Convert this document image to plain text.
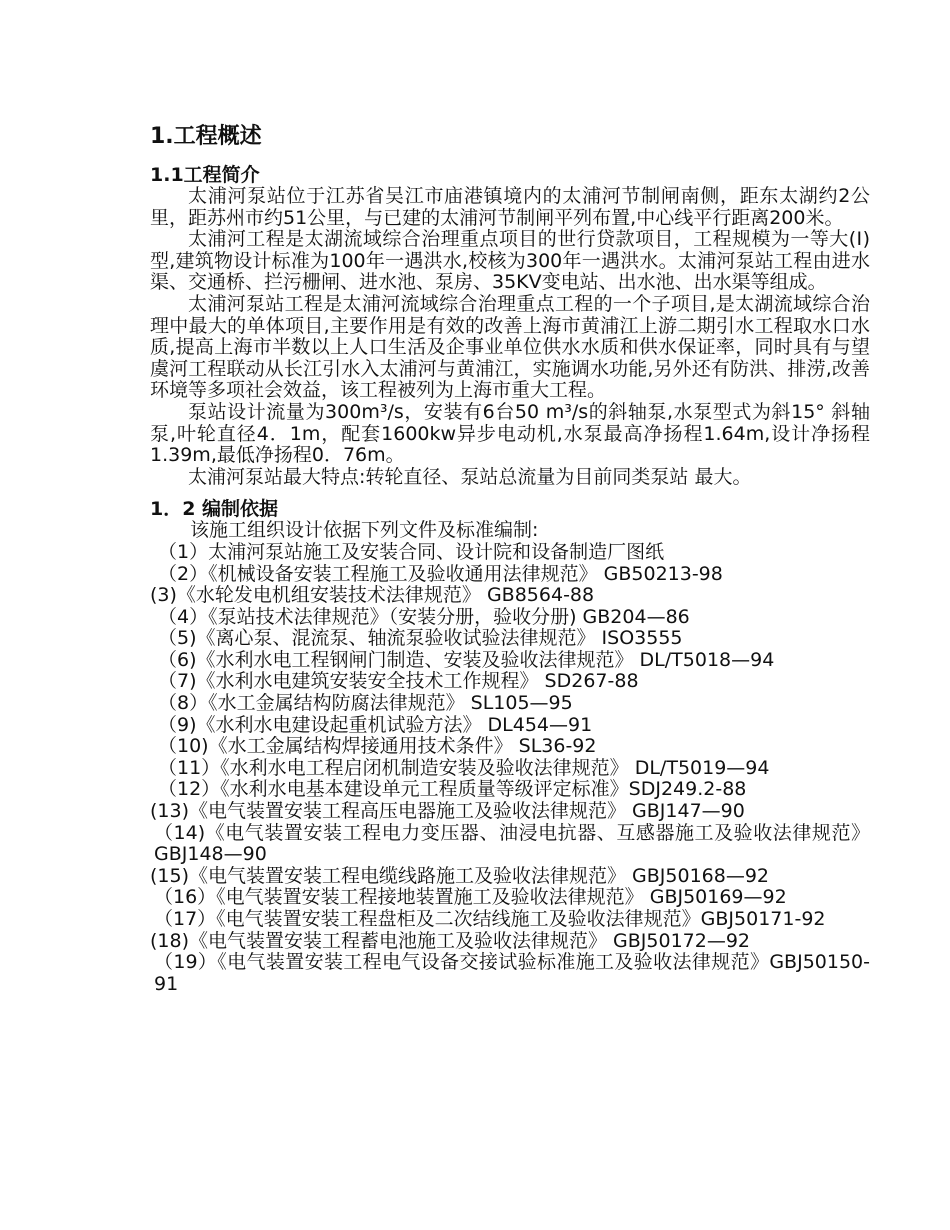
1.工程概述
1.1工程简介

太浦河泵站位于江苏省吴江市庙港镇境内的太浦河节制闸南侧，距东太湖约2公里，距苏州市约51公里，与已建的太浦河节制闸平列布置,中心线平行距离200米。

太浦河工程是太湖流域综合治理重点项目的世行贷款项目，工程规模为一等大(Ⅰ)型,建筑物设计标准为100年一遇洪水,校核为300年一遇洪水。太浦河泵站工程由进水渠、交通桥、拦污栅闸、进水池、泵房、35KV变电站、出水池、出水渠等组成。

太浦河泵站工程是太浦河流域综合治理重点工程的一个子项目,是太湖流域综合治理中最大的单体项目,主要作用是有效的改善上海市黄浦江上游二期引水工程取水口水质,提高上海市半数以上人口生活及企事业单位供水水质和供水保证率，同时具有与望虞河工程联动从长江引水入太浦河与黄浦江，实施调水功能,另外还有防洪、排涝,改善环境等多项社会效益，该工程被列为上海市重大工程。

泵站设计流量为300m³/s，安装有6台50 m³/s的斜轴泵,水泵型式为斜15° 斜轴泵,叶轮直径4．1m，配套1600kw异步电动机,水泵最高净扬程1.64m,设计净扬程1.39m,最低净扬程0．76m。

太浦河泵站最大特点:转轮直径、泵站总流量为目前同类泵站 最大。

1．2 编制依据

该施工组织设计依据下列文件及标准编制:

（1）太浦河泵站施工及安装合同、设计院和设备制造厂图纸
（2）《机械设备安装工程施工及验收通用法律规范》 GB50213-98
(3)《水轮发电机组安装技术法律规范》 GB8564-88
（4）《泵站技术法律规范》（安装分册，验收分册) GB204—86
（5)《离心泵、混流泵、轴流泵验收试验法律规范》 ISO3555
（6)《水利水电工程钢闸门制造、安装及验收法律规范》 DL/T5018—94
（7)《水利水电建筑安装安全技术工作规程》 SD267-88
（8）《水工金属结构防腐法律规范》 SL105—95
（9)《水利水电建设起重机试验方法》 DL454—91
（10)《水工金属结构焊接通用技术条件》 SL36-92
（11）《水利水电工程启闭机制造安装及验收法律规范》 DL/T5019—94
（12）《水利水电基本建设单元工程质量等级评定标准》SDJ249.2-88
(13)《电气装置安装工程高压电器施工及验收法律规范》 GBJ147—90
（14)《电气装置安装工程电力变压器、油浸电抗器、互感器施工及验收法律规范》 GBJ148—90
(15)《电气装置安装工程电缆线路施工及验收法律规范》 GBJ50168—92
（16）《电气装置安装工程接地装置施工及验收法律规范》 GBJ50169—92
（17）《电气装置安装工程盘柜及二次结线施工及验收法律规范》GBJ50171-92
(18)《电气装置安装工程蓄电池施工及验收法律规范》 GBJ50172—92
（19）《电气装置安装工程电气设备交接试验标准施工及验收法律规范》GBJ50150-91
